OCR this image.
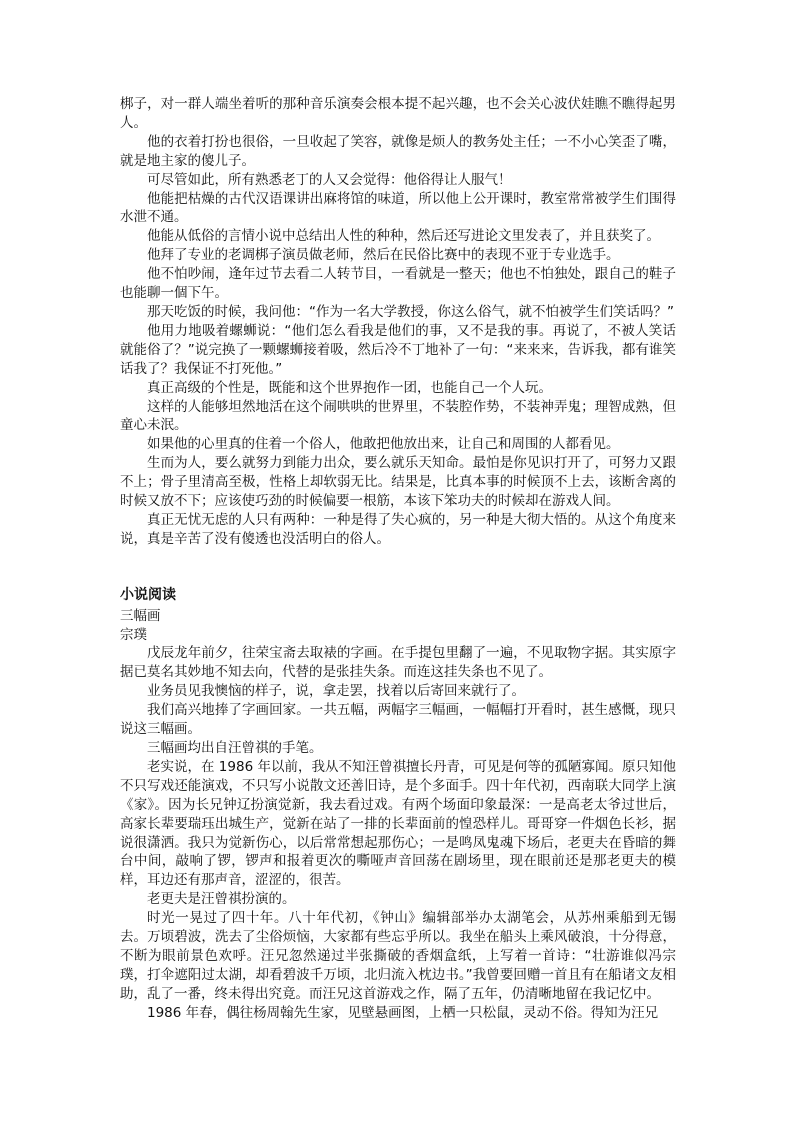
梆子，对一群人端坐着听的那种音乐演奏会根本提不起兴趣，也不会关心波伏娃瞧不瞧得起男人。

他的衣着打扮也很俗，一旦收起了笑容，就像是烦人的教务处主任；一不小心笑歪了嘴，就是地主家的傻儿子。

可尽管如此，所有熟悉老丁的人又会觉得：他俗得让人服气！

他能把枯燥的古代汉语课讲出麻将馆的味道，所以他上公开课时，教室常常被学生们围得水泄不通。

他能从低俗的言情小说中总结出人性的种种，然后还写进论文里发表了，并且获奖了。

他拜了专业的老调梆子演员做老师，然后在民俗比赛中的表现不亚于专业选手。

他不怕吵闹，逢年过节去看二人转节目，一看就是一整天；他也不怕独处，跟自己的鞋子也能聊一個下午。

那天吃饭的时候，我问他：“作为一名大学教授，你这么俗气，就不怕被学生们笑话吗？”

他用力地吸着螺蛳说：“他们怎么看我是他们的事，又不是我的事。再说了，不被人笑话就能俗了？”说完换了一颗螺蛳接着吸，然后冷不丁地补了一句：“来来来，告诉我，都有谁笑话我了？我保证不打死他。”

真正高级的个性是，既能和这个世界抱作一团，也能自己一个人玩。

这样的人能够坦然地活在这个闹哄哄的世界里，不装腔作势，不装神弄鬼；理智成熟，但童心未泯。

如果他的心里真的住着一个俗人，他敢把他放出来，让自己和周围的人都看见。

生而为人，要么就努力到能力出众，要么就乐天知命。最怕是你见识打开了，可努力又跟不上；骨子里清高至极，性格上却软弱无比。结果是，比真本事的时候顶不上去，该断舍离的时候又放不下；应该使巧劲的时候偏要一根筋，本该下笨功夫的时候却在游戏人间。

真正无忧无虑的人只有两种：一种是得了失心疯的，另一种是大彻大悟的。从这个角度来说，真是辛苦了没有傻透也没活明白的俗人。

小说阅读

三幅画

宗璞

戊辰龙年前夕，往荣宝斋去取裱的字画。在手提包里翻了一遍，不见取物字据。其实原字据已莫名其妙地不知去向，代替的是张挂失条。而连这挂失条也不见了。

业务员见我懊恼的样子，说，拿走罢，找着以后寄回来就行了。

我们高兴地捧了字画回家。一共五幅，两幅字三幅画，一幅幅打开看时，甚生感慨，现只说这三幅画。

三幅画均出自汪曾祺的手笔。

老实说，在 1986 年以前，我从不知汪曾祺擅长丹青，可见是何等的孤陋寡闻。原只知他不只写戏还能演戏，不只写小说散文还善旧诗，是个多面手。四十年代初，西南联大同学上演《家》。因为长兄钟辽扮演觉新，我去看过戏。有两个场面印象最深：一是高老太爷过世后，高家长辈要瑞珏出城生产，觉新在站了一排的长辈面前的惶恐样儿。哥哥穿一件烟色长衫，据说很潇洒。我只为觉新伤心，以后常常想起那伤心；一是鸣凤鬼魂下场后，老更夫在昏暗的舞台中间，敲响了锣，锣声和报着更次的嘶哑声音回荡在剧场里，现在眼前还是那老更夫的模样，耳边还有那声音，涩涩的，很苦。

老更夫是汪曾祺扮演的。

时光一晃过了四十年。八十年代初，《钟山》编辑部举办太湖笔会，从苏州乘船到无锡去。万顷碧波，洗去了尘俗烦恼，大家都有些忘乎所以。我坐在船头上乘风破浪，十分得意，不断为眼前景色欢呼。汪兄忽然递过半张撕破的香烟盒纸，上写着一首诗：“壮游谁似冯宗璞，打伞遮阳过太湖，却看碧波千万顷，北归流入枕边书。”我曾要回赠一首且有在船诸文友相助，乱了一番，终未得出究竟。而汪兄这首游戏之作，隔了五年，仍清晰地留在我记忆中。

1986 年春，偶往杨周翰先生家，见壁悬画图，上栖一只松鼠，灵动不俗。得知为汪兄
